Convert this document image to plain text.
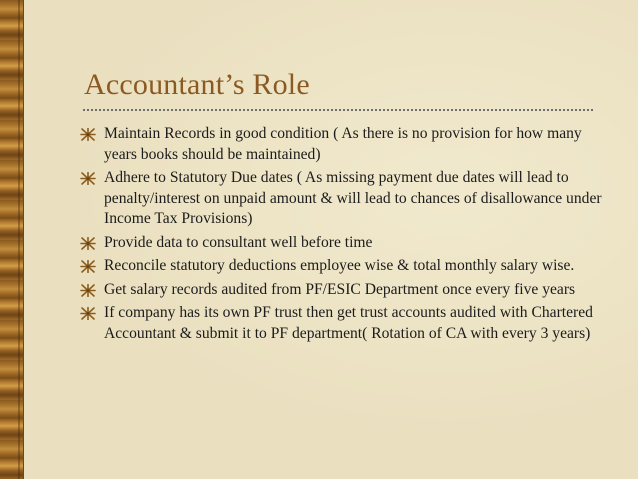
Accountant’s Role
Maintain Records in good condition ( As there is no provision for how many years books should be maintained)
Adhere to Statutory Due dates ( As missing payment due dates will lead to penalty/interest on unpaid amount & will lead to chances of disallowance under Income Tax Provisions)
Provide data to consultant well before time
Reconcile statutory deductions employee wise & total monthly salary wise.
Get salary records audited from PF/ESIC Department once every five years
If company has its own PF trust then get trust accounts audited with Chartered Accountant & submit it to PF department( Rotation of CA with every 3 years)
